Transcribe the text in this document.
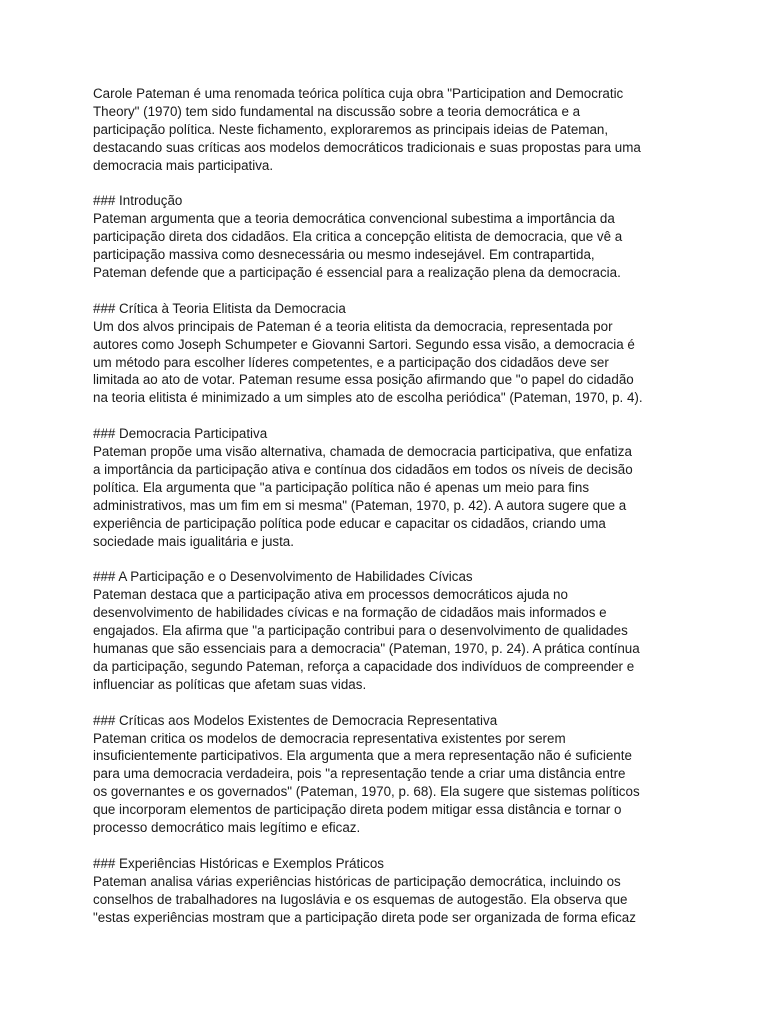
Carole Pateman é uma renomada teórica política cuja obra "Participation and Democratic
Theory" (1970) tem sido fundamental na discussão sobre a teoria democrática e a
participação política. Neste fichamento, exploraremos as principais ideias de Pateman,
destacando suas críticas aos modelos democráticos tradicionais e suas propostas para uma
democracia mais participativa.

### Introdução
Pateman argumenta que a teoria democrática convencional subestima a importância da
participação direta dos cidadãos. Ela critica a concepção elitista de democracia, que vê a
participação massiva como desnecessária ou mesmo indesejável. Em contrapartida,
Pateman defende que a participação é essencial para a realização plena da democracia.
### Crítica à Teoria Elitista da Democracia
Um dos alvos principais de Pateman é a teoria elitista da democracia, representada por
autores como Joseph Schumpeter e Giovanni Sartori. Segundo essa visão, a democracia é
um método para escolher líderes competentes, e a participação dos cidadãos deve ser
limitada ao ato de votar. Pateman resume essa posição afirmando que "o papel do cidadão
na teoria elitista é minimizado a um simples ato de escolha periódica" (Pateman, 1970, p. 4).
### Democracia Participativa
Pateman propõe uma visão alternativa, chamada de democracia participativa, que enfatiza
a importância da participação ativa e contínua dos cidadãos em todos os níveis de decisão
política. Ela argumenta que "a participação política não é apenas um meio para fins
administrativos, mas um fim em si mesma" (Pateman, 1970, p. 42). A autora sugere que a
experiência de participação política pode educar e capacitar os cidadãos, criando uma
sociedade mais igualitária e justa.
### A Participação e o Desenvolvimento de Habilidades Cívicas
Pateman destaca que a participação ativa em processos democráticos ajuda no
desenvolvimento de habilidades cívicas e na formação de cidadãos mais informados e
engajados. Ela afirma que "a participação contribui para o desenvolvimento de qualidades
humanas que são essenciais para a democracia" (Pateman, 1970, p. 24). A prática contínua
da participação, segundo Pateman, reforça a capacidade dos indivíduos de compreender e
influenciar as políticas que afetam suas vidas.
### Críticas aos Modelos Existentes de Democracia Representativa
Pateman critica os modelos de democracia representativa existentes por serem
insuficientemente participativos. Ela argumenta que a mera representação não é suficiente
para uma democracia verdadeira, pois "a representação tende a criar uma distância entre
os governantes e os governados" (Pateman, 1970, p. 68). Ela sugere que sistemas políticos
que incorporam elementos de participação direta podem mitigar essa distância e tornar o
processo democrático mais legítimo e eficaz.
### Experiências Históricas e Exemplos Práticos
Pateman analisa várias experiências históricas de participação democrática, incluindo os
conselhos de trabalhadores na Iugoslávia e os esquemas de autogestão. Ela observa que
"estas experiências mostram que a participação direta pode ser organizada de forma eficaz
